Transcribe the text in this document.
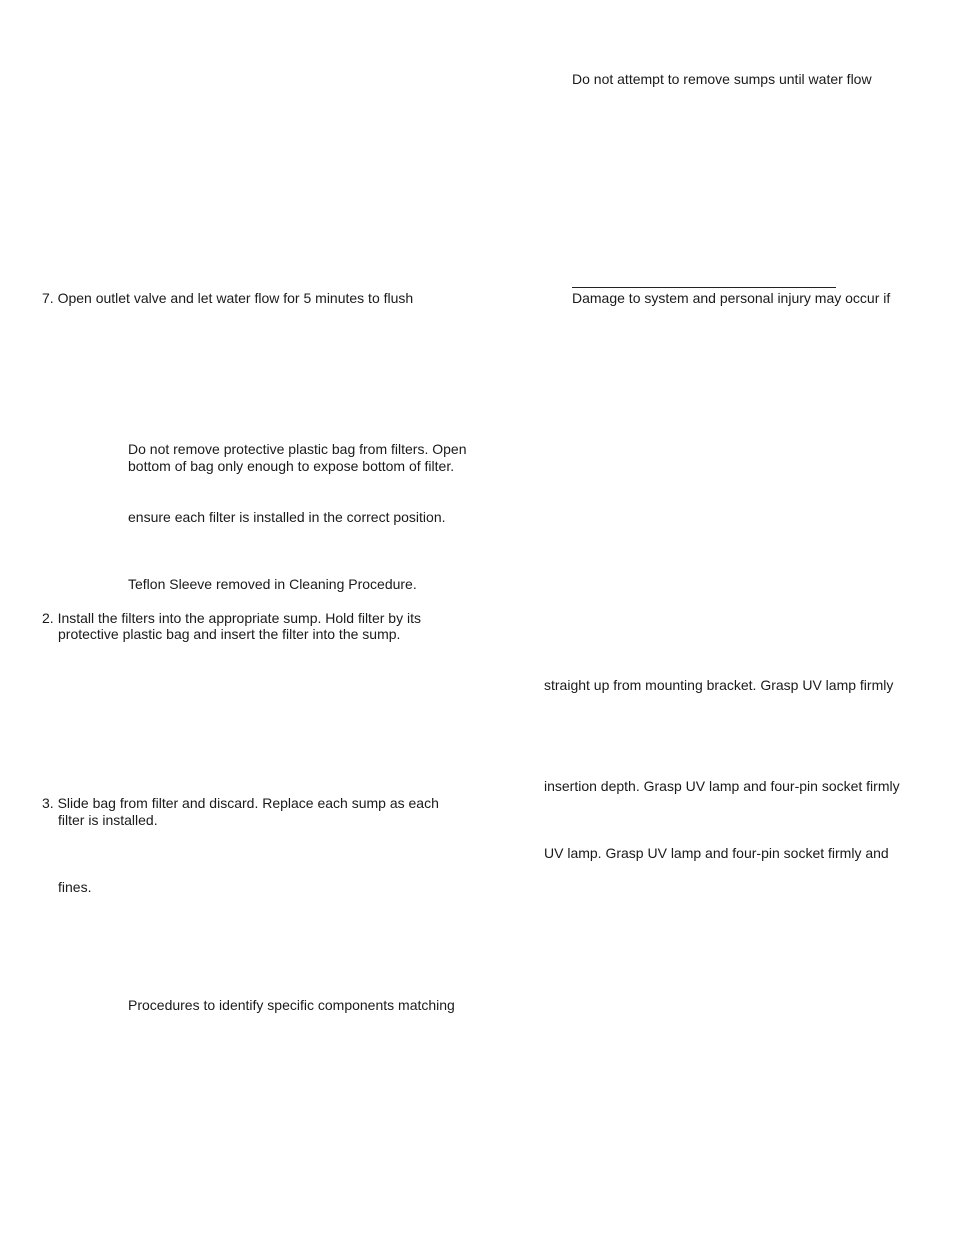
Do not attempt to remove sumps until water flow

Damage to system and personal injury may occur if

straight up from mounting bracket. Grasp UV lamp firmly

insertion depth. Grasp UV lamp and four-pin socket firmly

UV lamp. Grasp UV lamp and four-pin socket firmly and

7. Open outlet valve and let water flow for 5 minutes to flush

Do not remove protective plastic bag from filters. Open

bottom of bag only enough to expose bottom of filter.

ensure each filter is installed in the correct position.

Teflon Sleeve removed in Cleaning Procedure.

2. Install the filters into the appropriate sump. Hold filter by its

protective plastic bag and insert the filter into the sump.

3. Slide bag from filter and discard. Replace each sump as each

filter is installed.

fines.

Procedures to identify specific components matching
